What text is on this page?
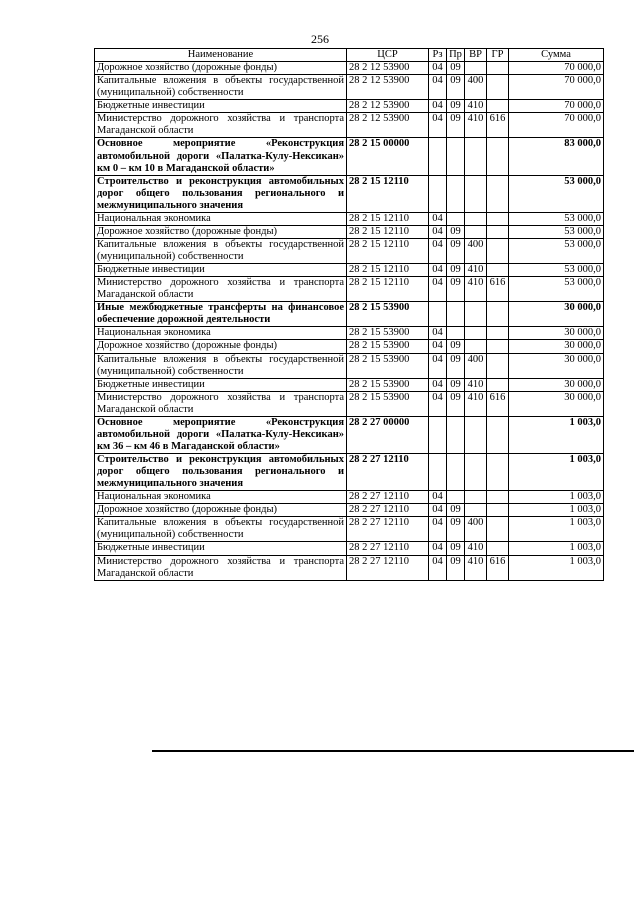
256
Наименование	ЦСР	Рз	Пр	ВР	ГР	Сумма
Дорожное хозяйство (дорожные фонды)	28 2 12 53900	04	09			70 000,0
Капитальные вложения в объекты государственной (муниципальной) собственности	28 2 12 53900	04	09	400		70 000,0
Бюджетные инвестиции	28 2 12 53900	04	09	410		70 000,0
Министерство дорожного хозяйства и транспорта Магаданской области	28 2 12 53900	04	09	410	616	70 000,0
Основное мероприятие «Реконструкция автомобильной дороги «Палатка-Кулу-Нексикан» км 0 – км 10 в Магаданской области»	28 2 15 00000					83 000,0
Строительство и реконструкция автомобильных дорог общего пользования регионального и межмуниципального значения	28 2 15 12110					53 000,0
Национальная экономика	28 2 15 12110	04				53 000,0
Дорожное хозяйство (дорожные фонды)	28 2 15 12110	04	09			53 000,0
Капитальные вложения в объекты государственной (муниципальной) собственности	28 2 15 12110	04	09	400		53 000,0
Бюджетные инвестиции	28 2 15 12110	04	09	410		53 000,0
Министерство дорожного хозяйства и транспорта Магаданской области	28 2 15 12110	04	09	410	616	53 000,0
Иные межбюджетные трансферты на финансовое обеспечение дорожной деятельности	28 2 15 53900					30 000,0
Национальная экономика	28 2 15 53900	04				30 000,0
Дорожное хозяйство (дорожные фонды)	28 2 15 53900	04	09			30 000,0
Капитальные вложения в объекты государственной (муниципальной) собственности	28 2 15 53900	04	09	400		30 000,0
Бюджетные инвестиции	28 2 15 53900	04	09	410		30 000,0
Министерство дорожного хозяйства и транспорта Магаданской области	28 2 15 53900	04	09	410	616	30 000,0
Основное мероприятие «Реконструкция автомобильной дороги «Палатка-Кулу-Нексикан» км 36 – км 46 в Магаданской области»	28 2 27 00000					1 003,0
Строительство и реконструкция автомобильных дорог общего пользования регионального и межмуниципального значения	28 2 27 12110					1 003,0
Национальная экономика	28 2 27 12110	04				1 003,0
Дорожное хозяйство (дорожные фонды)	28 2 27 12110	04	09			1 003,0
Капитальные вложения в объекты государственной (муниципальной) собственности	28 2 27 12110	04	09	400		1 003,0
Бюджетные инвестиции	28 2 27 12110	04	09	410		1 003,0
Министерство дорожного хозяйства и транспорта Магаданской области	28 2 27 12110	04	09	410	616	1 003,0
